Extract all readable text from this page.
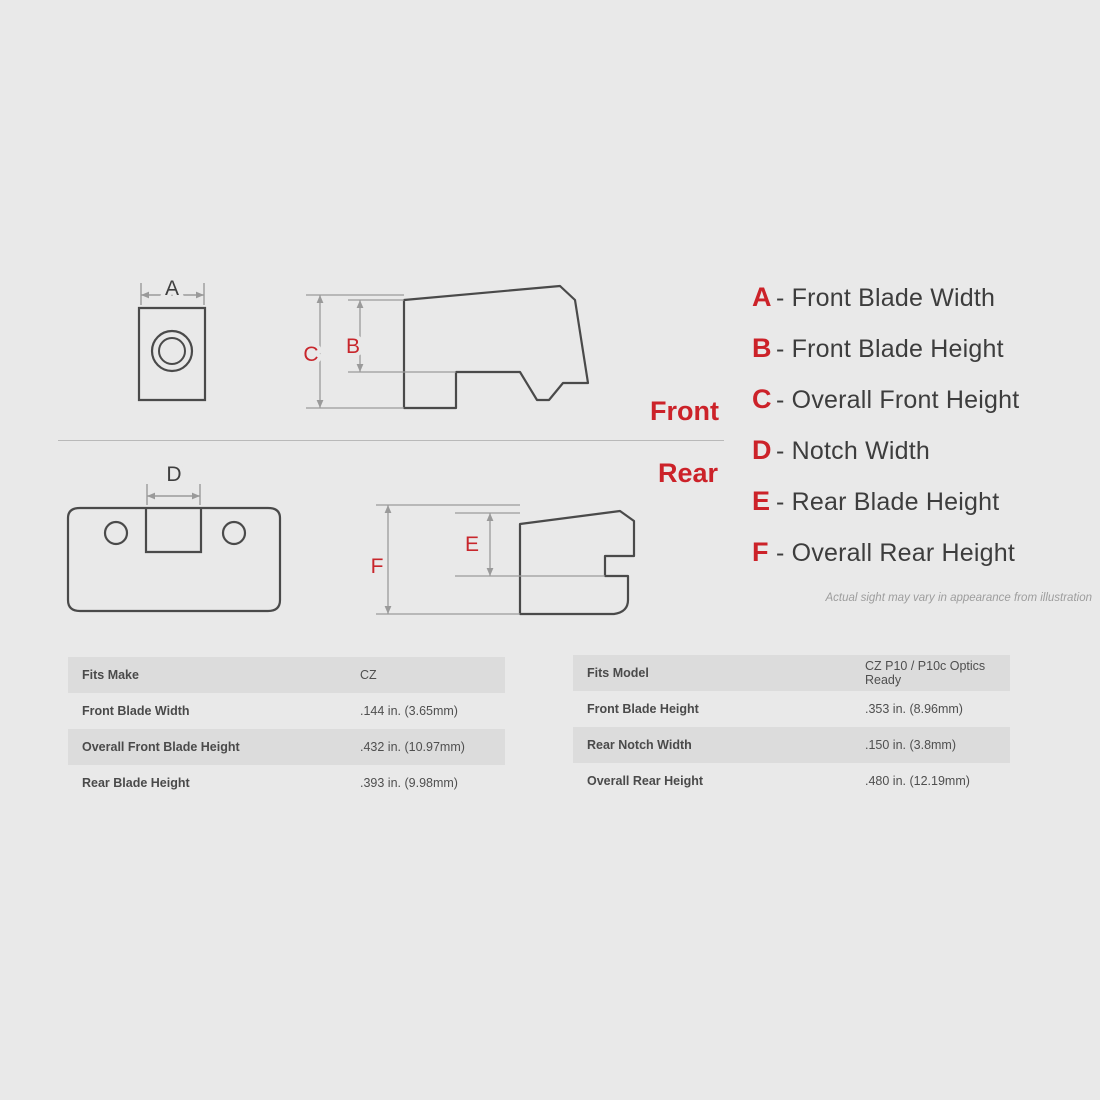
A
C B
D
F
E
Front
Rear
A - Front Blade Width
B - Front Blade Height
C - Overall Front Height
D - Notch Width
E - Rear Blade Height
F - Overall Rear Height
Actual sight may vary in appearance from illustration
Fits Make	CZ
Front Blade Width	.144 in. (3.65mm)
Overall Front Blade Height	.432 in. (10.97mm)
Rear Blade Height	.393 in. (9.98mm)
Fits Model	CZ P10 / P10c Optics Ready
Front Blade Height	.353 in. (8.96mm)
Rear Notch Width	.150 in. (3.8mm)
Overall Rear Height	.480 in. (12.19mm)
